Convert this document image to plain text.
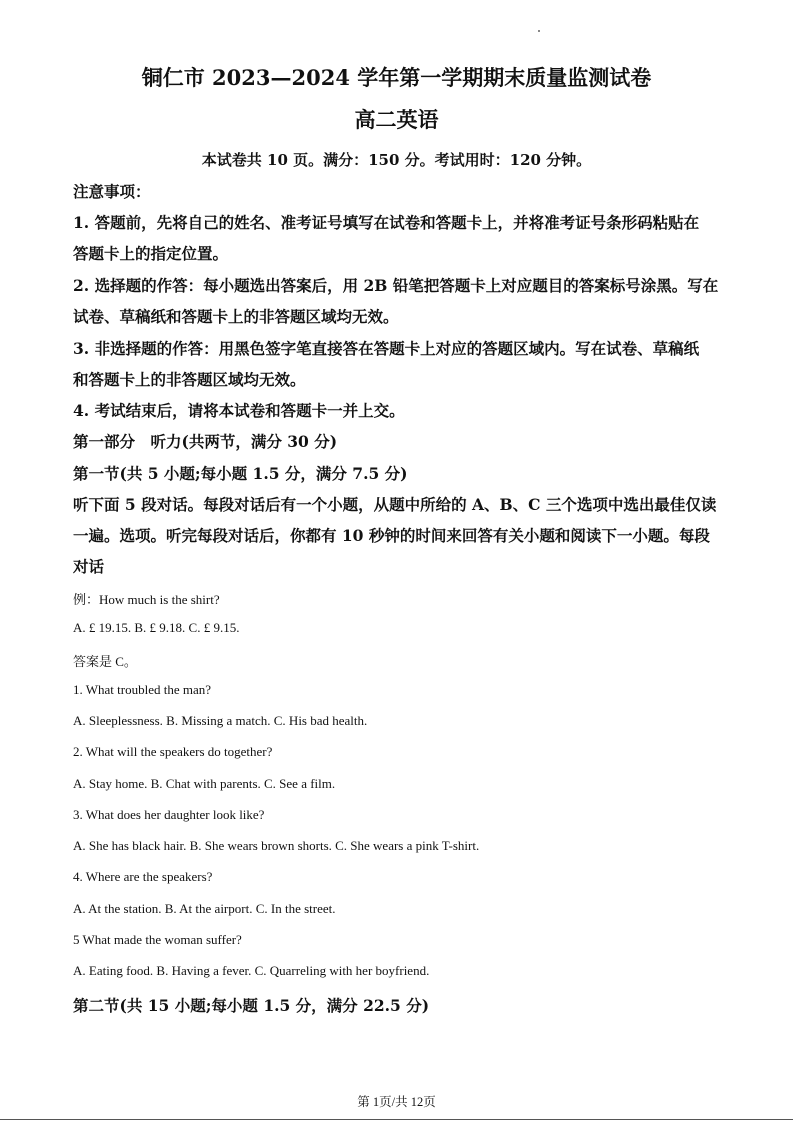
铜仁市 2023—2024 学年第一学期期末质量监测试卷
高二英语
本试卷共 10 页。满分：150 分。考试用时：120 分钟。
注意事项：
1. 答题前，先将自己的姓名、准考证号填写在试卷和答题卡上，并将准考证号条形码粘贴在
答题卡上的指定位置。
2. 选择题的作答：每小题选出答案后，用 2B 铅笔把答题卡上对应题目的答案标号涂黑。写在
试卷、草稿纸和答题卡上的非答题区域均无效。
3. 非选择题的作答：用黑色签字笔直接答在答题卡上对应的答题区域内。写在试卷、草稿纸
和答题卡上的非答题区域均无效。
4. 考试结束后，请将本试卷和答题卡一并上交。
第一部分　听力(共两节，满分 30 分)
第一节(共 5 小题;每小题 1.5 分，满分 7.5 分)
听下面 5 段对话。每段对话后有一个小题，从题中所给的 A、B、C 三个选项中选出最佳仅读
一遍。选项。听完每段对话后，你都有 10 秒钟的时间来回答有关小题和阅读下一小题。每段
对话
例：How much is the shirt?
A. £ 19.15. B. £ 9.18. C. £ 9.15.
答案是 C。
1. What troubled the man?
A. Sleeplessness. B. Missing a match. C. His bad health.
2. What will the speakers do together?
A. Stay home. B. Chat with parents. C. See a film.
3. What does her daughter look like?
A. She has black hair. B. She wears brown shorts. C. She wears a pink T-shirt.
4. Where are the speakers?
A. At the station. B. At the airport. C. In the street.
5 What made the woman suffer?
A. Eating food. B. Having a fever. C. Quarreling with her boyfriend.
第二节(共 15 小题;每小题 1.5 分，满分 22.5 分)
第 1页/共 12页
